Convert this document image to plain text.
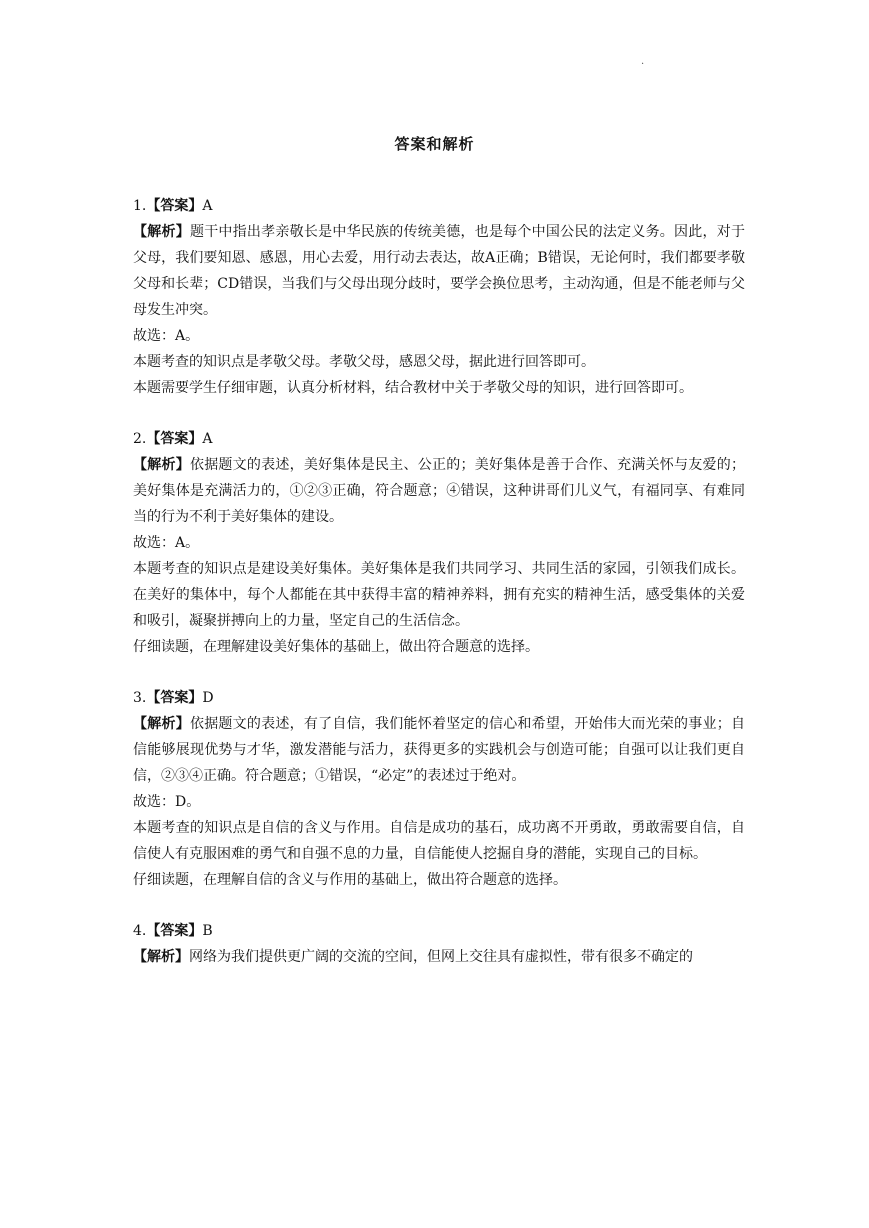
.
答案和解析

1.【答案】A

【解析】题干中指出孝亲敬长是中华民族的传统美德，也是每个中国公民的法定义务。因此，对于父母，我们要知恩、感恩，用心去爱，用行动去表达，故A正确；B错误，无论何时，我们都要孝敬父母和长辈；CD错误，当我们与父母出现分歧时，要学会换位思考，主动沟通，但是不能老师与父母发生冲突。

故选：A。

本题考查的知识点是孝敬父母。孝敬父母，感恩父母，据此进行回答即可。

本题需要学生仔细审题，认真分析材料，结合教材中关于孝敬父母的知识，进行回答即可。

2.【答案】A

【解析】依据题文的表述，美好集体是民主、公正的；美好集体是善于合作、充满关怀与友爱的；美好集体是充满活力的，①②③正确，符合题意；④错误，这种讲哥们儿义气，有福同享、有难同当的行为不利于美好集体的建设。

故选：A。

本题考查的知识点是建设美好集体。美好集体是我们共同学习、共同生活的家园，引领我们成长。在美好的集体中，每个人都能在其中获得丰富的精神养料，拥有充实的精神生活，感受集体的关爱和吸引，凝聚拼搏向上的力量，坚定自己的生活信念。

仔细读题，在理解建设美好集体的基础上，做出符合题意的选择。

3.【答案】D

【解析】依据题文的表述，有了自信，我们能怀着坚定的信心和希望，开始伟大而光荣的事业；自信能够展现优势与才华，激发潜能与活力，获得更多的实践机会与创造可能；自强可以让我们更自信，②③④正确。符合题意；①错误，“必定”的表述过于绝对。

故选：D。

本题考查的知识点是自信的含义与作用。自信是成功的基石，成功离不开勇敢，勇敢需要自信，自信使人有克服困难的勇气和自强不息的力量，自信能使人挖掘自身的潜能，实现自己的目标。

仔细读题，在理解自信的含义与作用的基础上，做出符合题意的选择。

4.【答案】B

【解析】网络为我们提供更广阔的交流的空间，但网上交往具有虚拟性，带有很多不确定的
